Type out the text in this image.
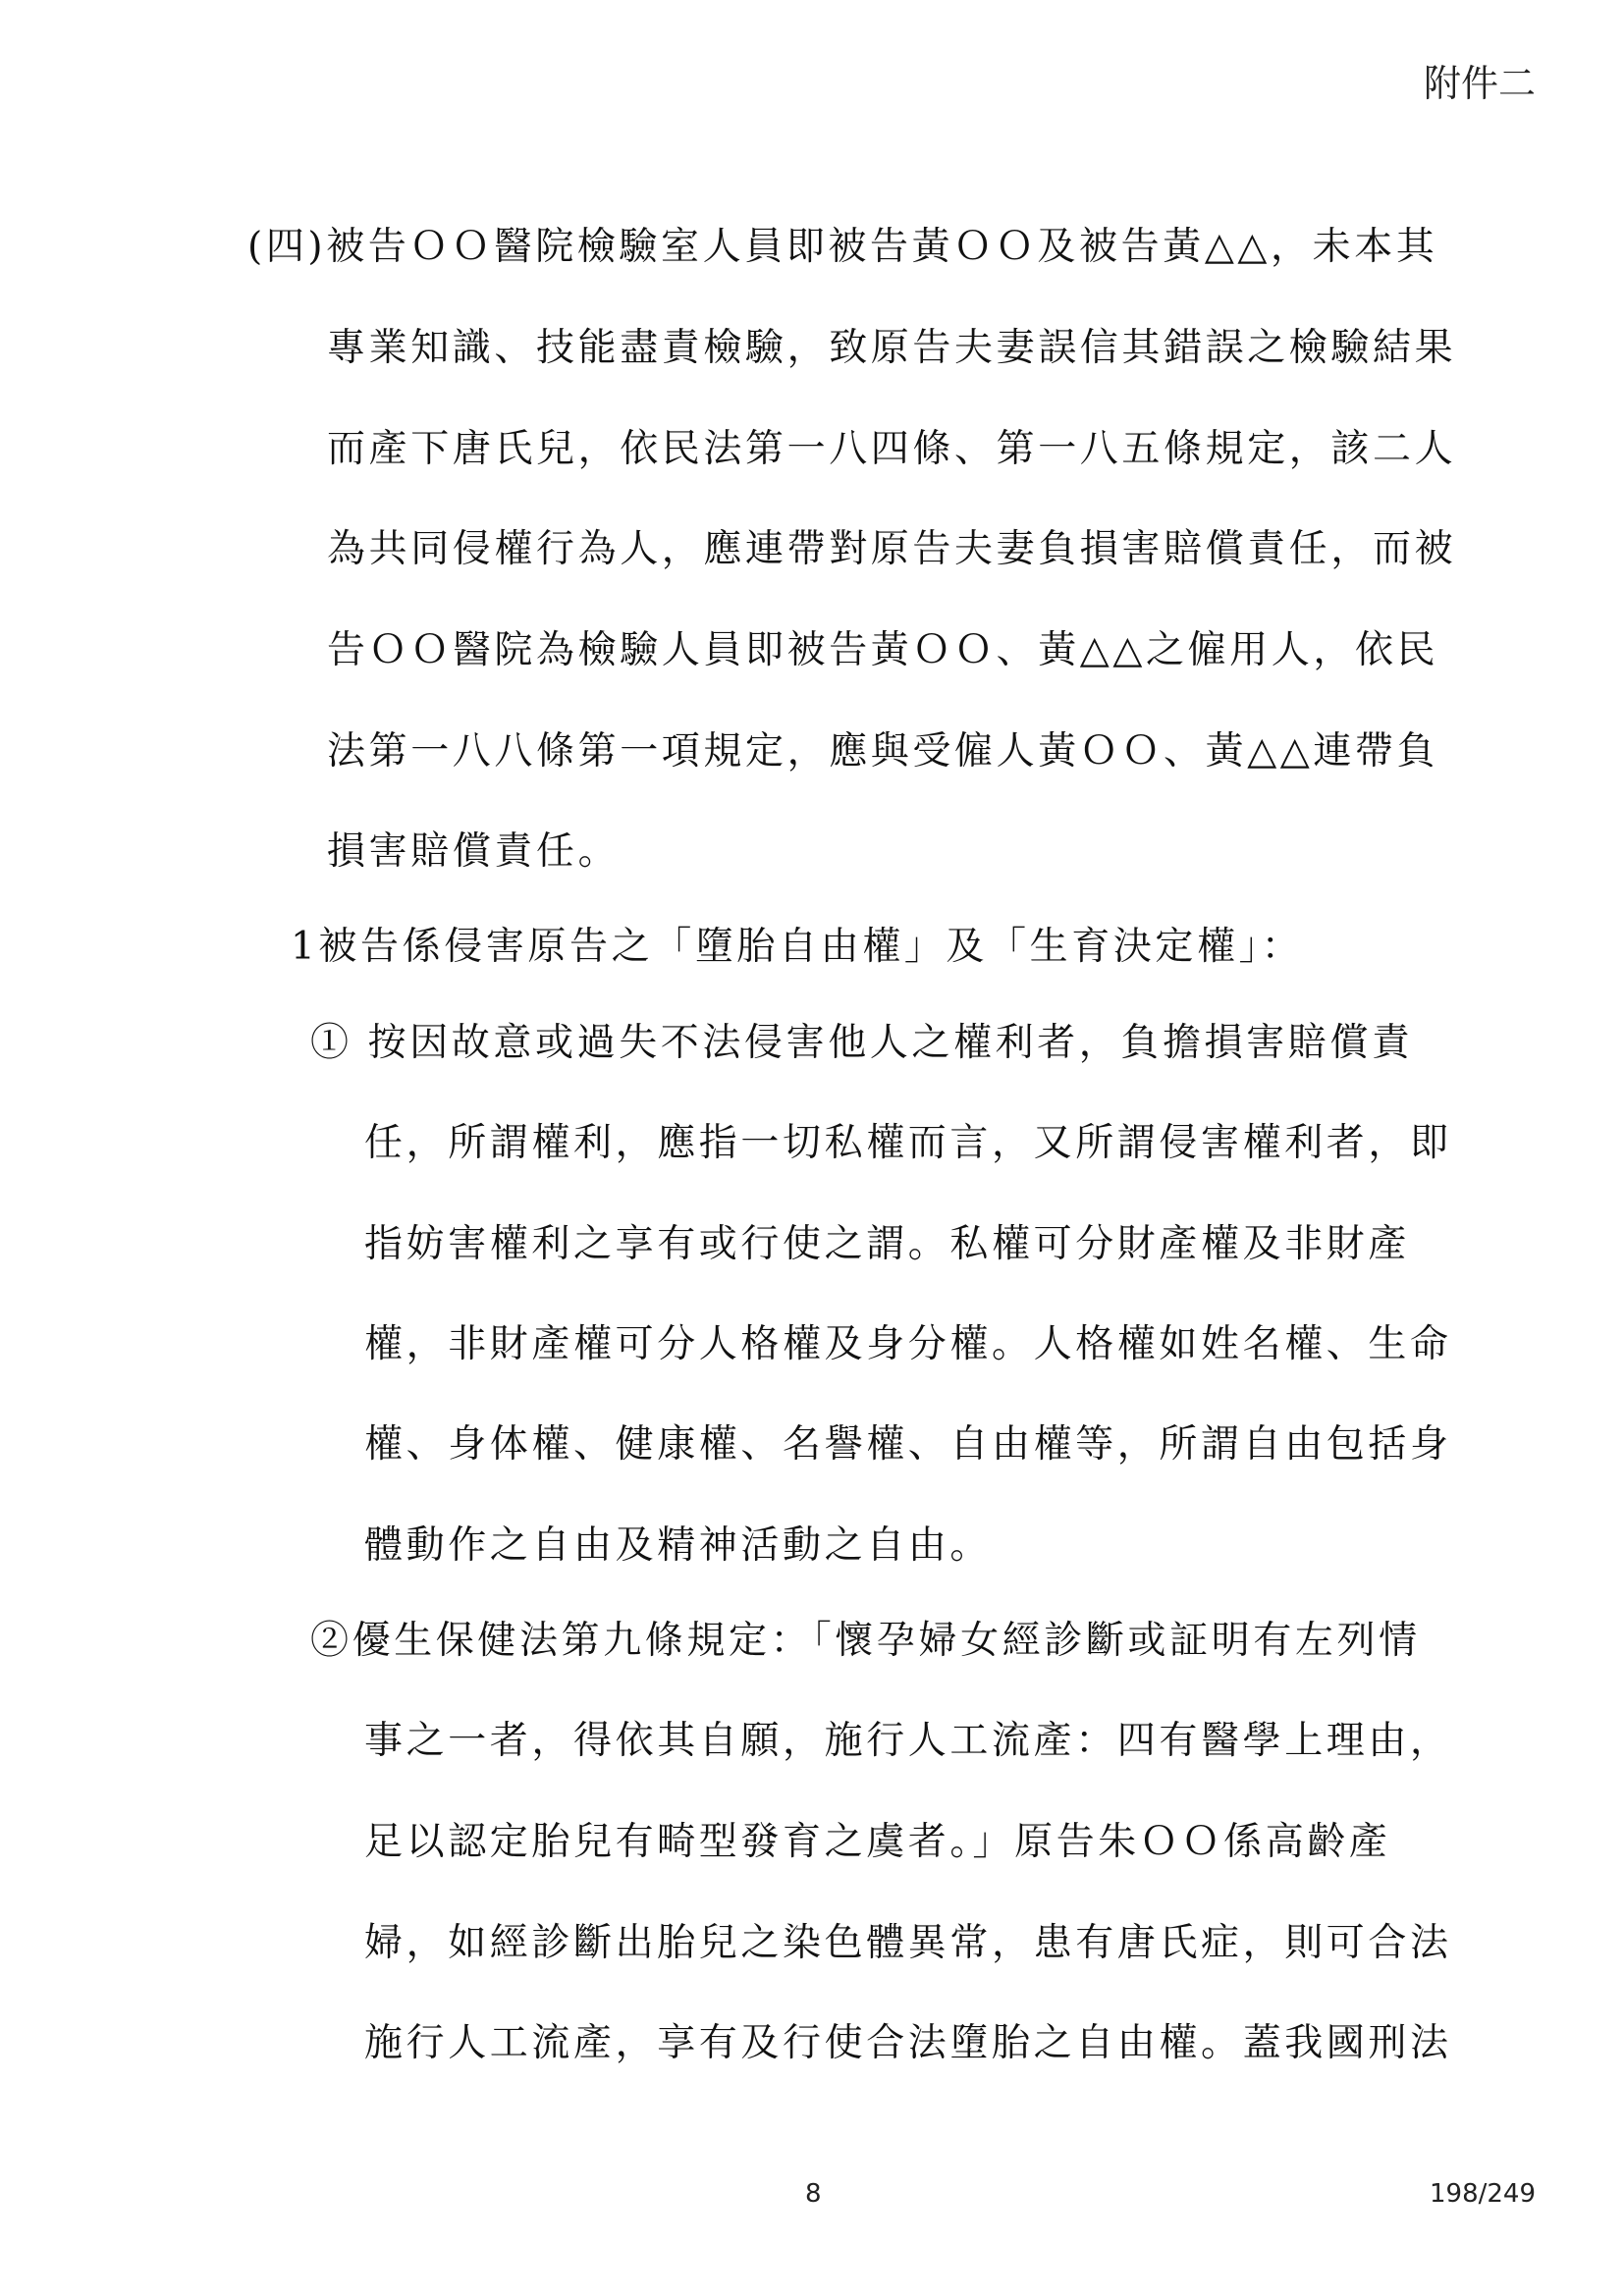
附件二
(四)被告ＯＯ醫院檢驗室人員即被告黃ＯＯ及被告黃△△，未本其
專業知識、技能盡責檢驗，致原告夫妻誤信其錯誤之檢驗結果
而產下唐氏兒，依民法第一八四條、第一八五條規定，該二人
為共同侵權行為人，應連帶對原告夫妻負損害賠償責任，而被
告ＯＯ醫院為檢驗人員即被告黃ＯＯ、黃△△之僱用人，依民
法第一八八條第一項規定，應與受僱人黃ＯＯ、黃△△連帶負
損害賠償責任。
1被告係侵害原告之「墮胎自由權」及「生育決定權」：
① 按因故意或過失不法侵害他人之權利者，負擔損害賠償責
任，所謂權利，應指一切私權而言，又所謂侵害權利者，即
指妨害權利之享有或行使之謂。私權可分財產權及非財產
權，非財產權可分人格權及身分權。人格權如姓名權、生命
權、身体權、健康權、名譽權、自由權等，所謂自由包括身
體動作之自由及精神活動之自由。
②優生保健法第九條規定：「懷孕婦女經診斷或証明有左列情
事之一者，得依其自願，施行人工流產：四有醫學上理由，
足以認定胎兒有畸型發育之虞者。」原告朱ＯＯ係高齡產
婦，如經診斷出胎兒之染色體異常，患有唐氏症，則可合法
施行人工流產，享有及行使合法墮胎之自由權。蓋我國刑法
8	198/249
